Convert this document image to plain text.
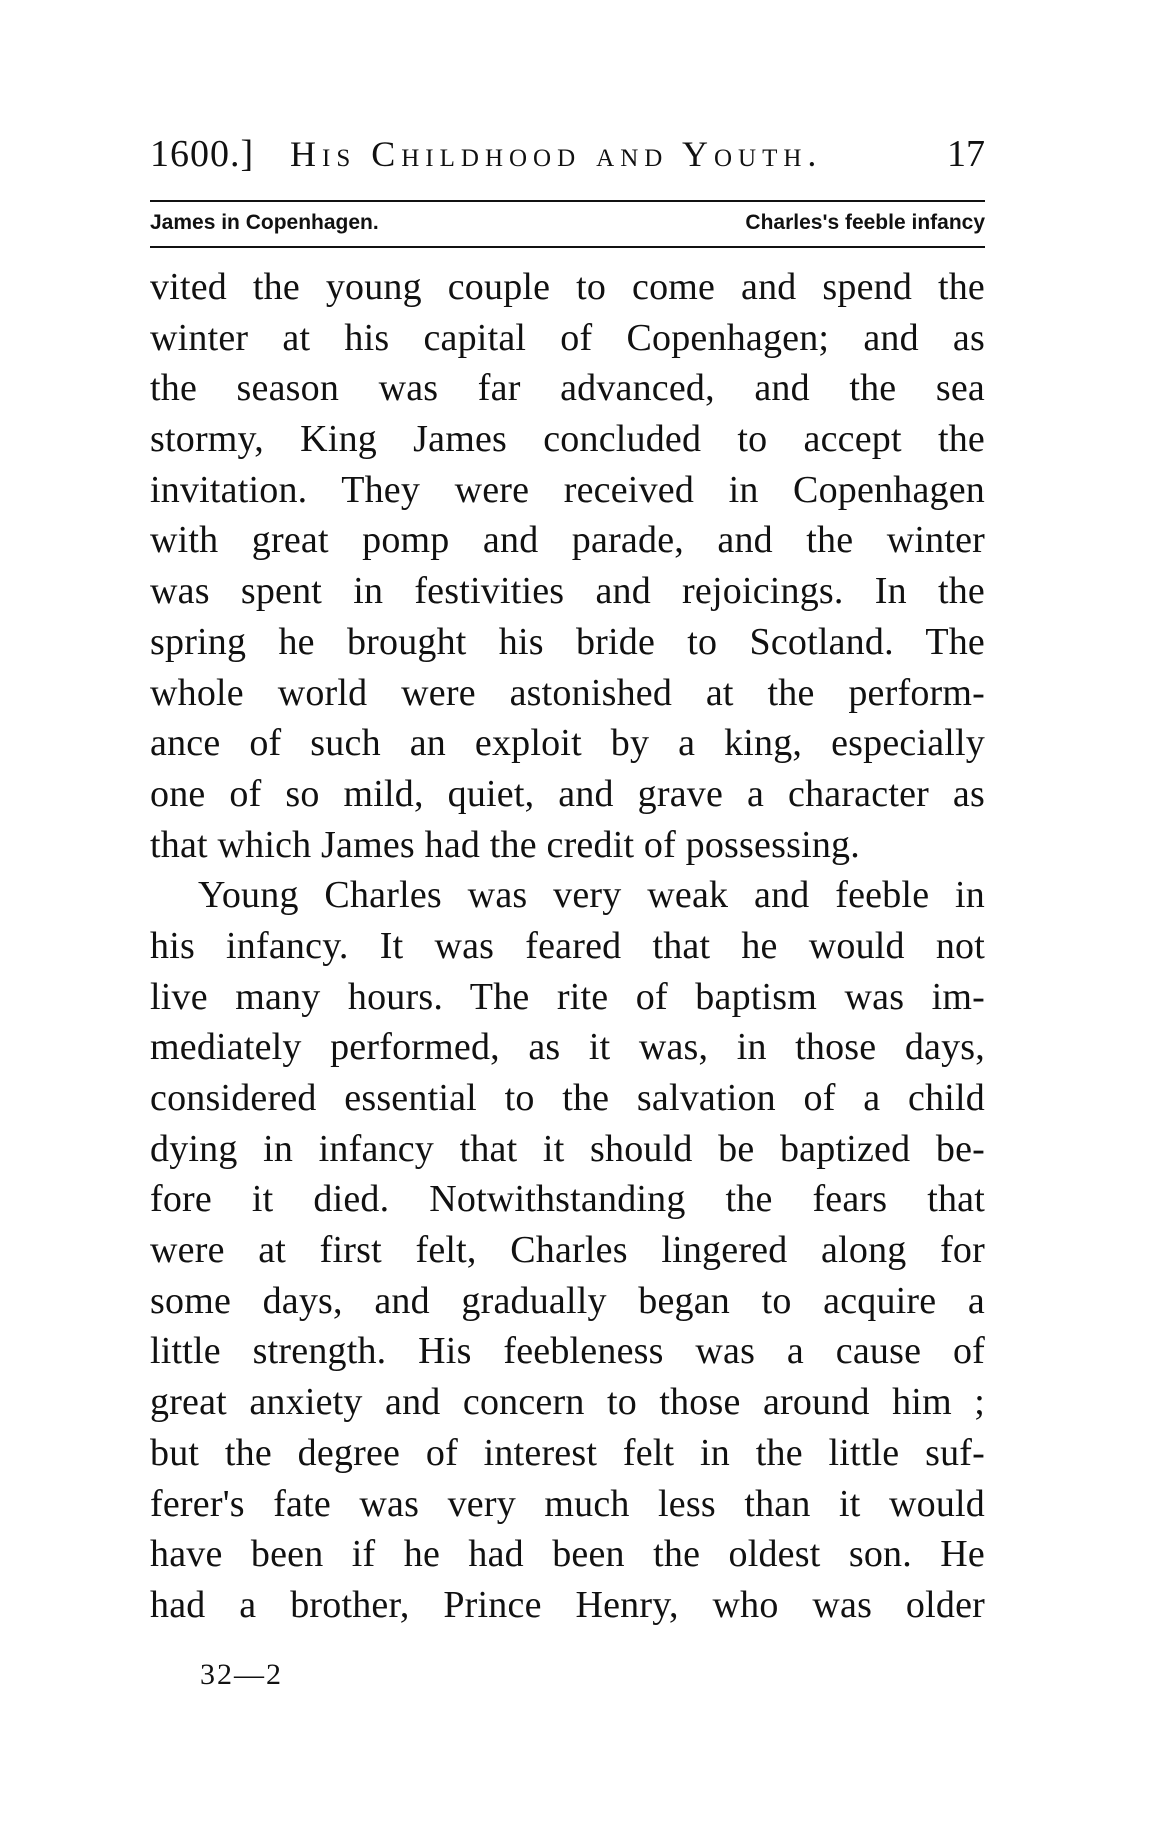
1600.] His Childhood and Youth.	17
James in Copenhagen.	Charles's feeble infancy
vited the young couple to come and spend the
winter at his capital of Copenhagen; and as
the season was far advanced, and the sea
stormy, King James concluded to accept the
invitation. They were received in Copenhagen
with great pomp and parade, and the winter
was spent in festivities and rejoicings. In the
spring he brought his bride to Scotland. The
whole world were astonished at the perform-
ance of such an exploit by a king, especially
one of so mild, quiet, and grave a character as
that which James had the credit of possessing.
Young Charles was very weak and feeble in
his infancy. It was feared that he would not
live many hours. The rite of baptism was im-
mediately performed, as it was, in those days,
considered essential to the salvation of a child
dying in infancy that it should be baptized be-
fore it died. Notwithstanding the fears that
were at first felt, Charles lingered along for
some days, and gradually began to acquire a
little strength. His feebleness was a cause of
great anxiety and concern to those around him ;
but the degree of interest felt in the little suf-
ferer's fate was very much less than it would
have been if he had been the oldest son. He
had a brother, Prince Henry, who was older
32—2
